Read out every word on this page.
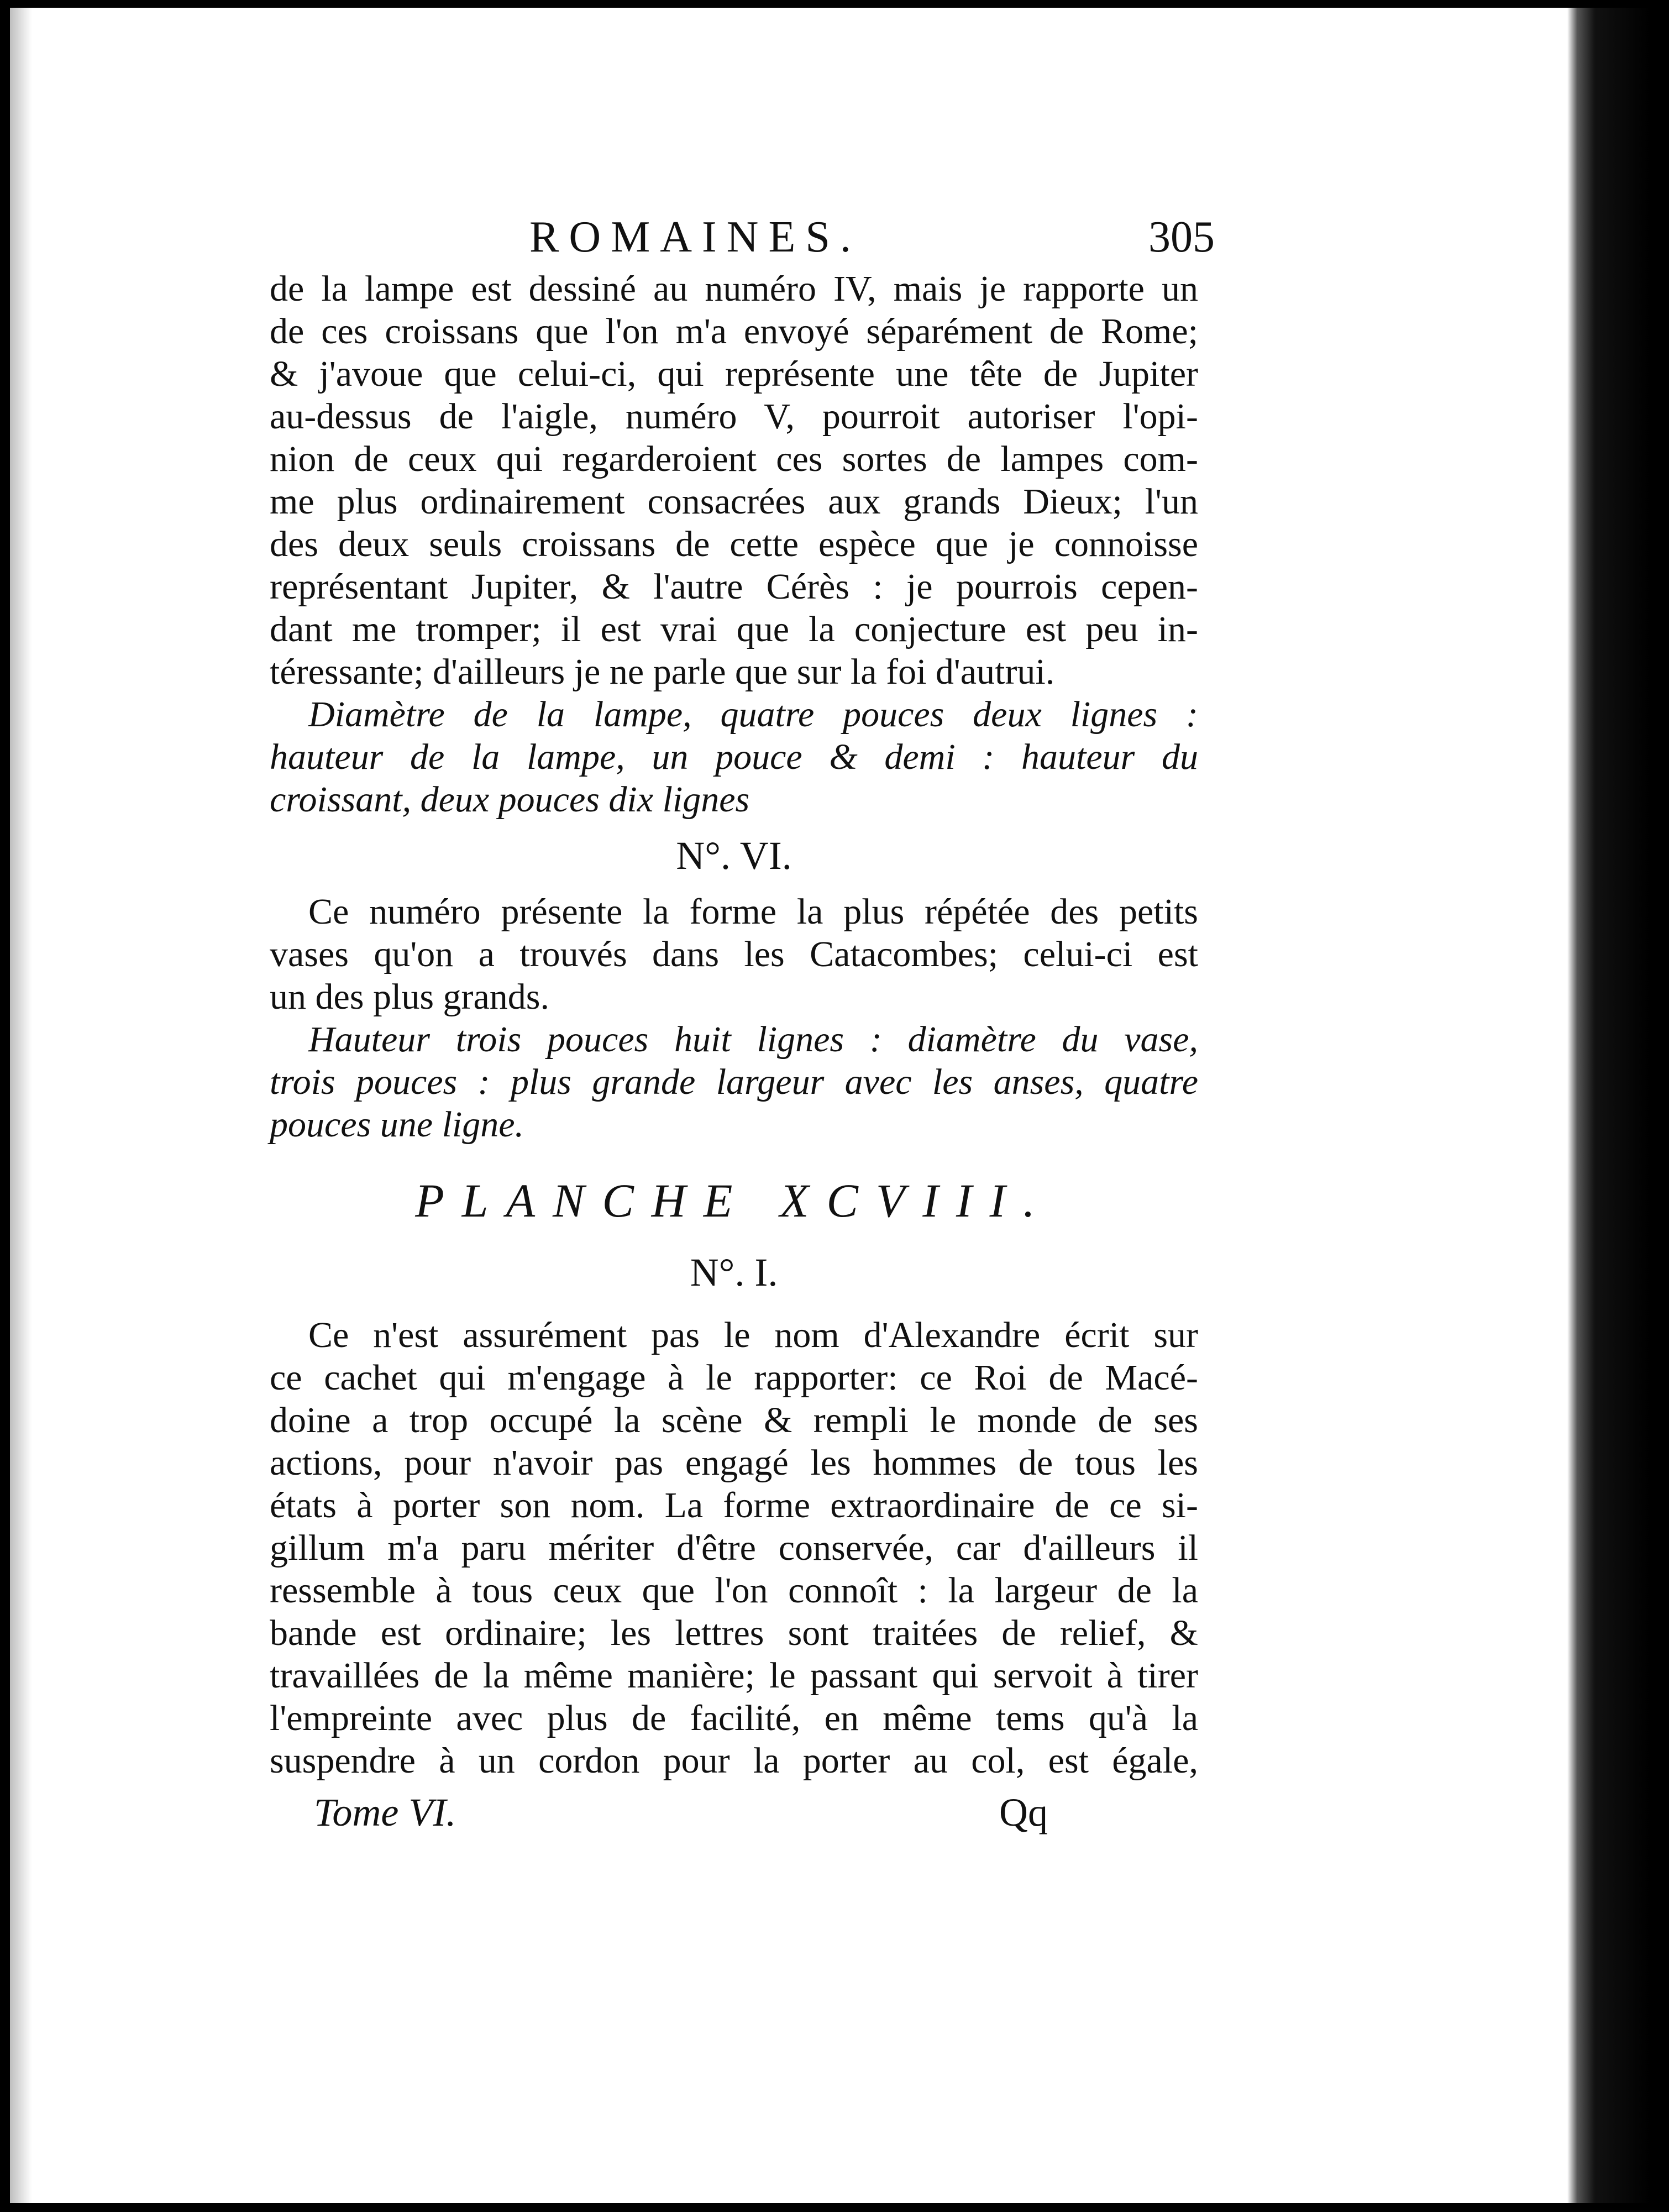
ROMAINES.	305
de la lampe est dessiné au numéro IV, mais je rapporte un
de ces croissans que l'on m'a envoyé séparément de Rome;
& j'avoue que celui-ci, qui représente une tête de Jupiter
au-dessus de l'aigle, numéro V, pourroit autoriser l'opi-
nion de ceux qui regarderoient ces sortes de lampes com-
me plus ordinairement consacrées aux grands Dieux; l'un
des deux seuls croissans de cette espèce que je connoisse
représentant Jupiter, & l'autre Cérès : je pourrois cepen-
dant me tromper; il est vrai que la conjecture est peu in-
téressante; d'ailleurs je ne parle que sur la foi d'autrui.
Diamètre de la lampe, quatre pouces deux lignes :
hauteur de la lampe, un pouce & demi : hauteur du
croissant, deux pouces dix lignes
N°. VI.
Ce numéro présente la forme la plus répétée des petits
vases qu'on a trouvés dans les Catacombes; celui-ci est
un des plus grands.
Hauteur trois pouces huit lignes : diamètre du vase,
trois pouces : plus grande largeur avec les anses, quatre
pouces une ligne.
PLANCHE XCVIII.
N°. I.
Ce n'est assurément pas le nom d'Alexandre écrit sur
ce cachet qui m'engage à le rapporter: ce Roi de Macé-
doine a trop occupé la scène & rempli le monde de ses
actions, pour n'avoir pas engagé les hommes de tous les
états à porter son nom. La forme extraordinaire de ce si-
gillum m'a paru mériter d'être conservée, car d'ailleurs il
ressemble à tous ceux que l'on connoît : la largeur de la
bande est ordinaire; les lettres sont traitées de relief, &
travaillées de la même manière; le passant qui servoit à tirer
l'empreinte avec plus de facilité, en même tems qu'à la
suspendre à un cordon pour la porter au col, est égale,
Tome VI.	Qq
